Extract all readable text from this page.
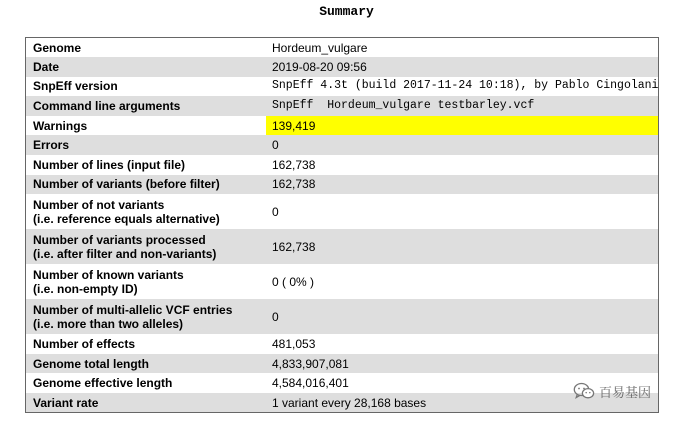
Summary
Genome	Hordeum_vulgare
Date	2019-08-20 09:56
SnpEff version	SnpEff 4.3t (build 2017-11-24 10:18), by Pablo Cingolani
Command line arguments	SnpEff  Hordeum_vulgare testbarley.vcf
Warnings	139,419
Errors	0
Number of lines (input file)	162,738
Number of variants (before filter)	162,738
Number of not variants
(i.e. reference equals alternative)	0
Number of variants processed
(i.e. after filter and non-variants)	162,738
Number of known variants
(i.e. non-empty ID)	0 ( 0% )
Number of multi-allelic VCF entries
(i.e. more than two alleles)	0
Number of effects	481,053
Genome total length	4,833,907,081
Genome effective length	4,584,016,401
Variant rate	1 variant every 28,168 bases
百易基因
